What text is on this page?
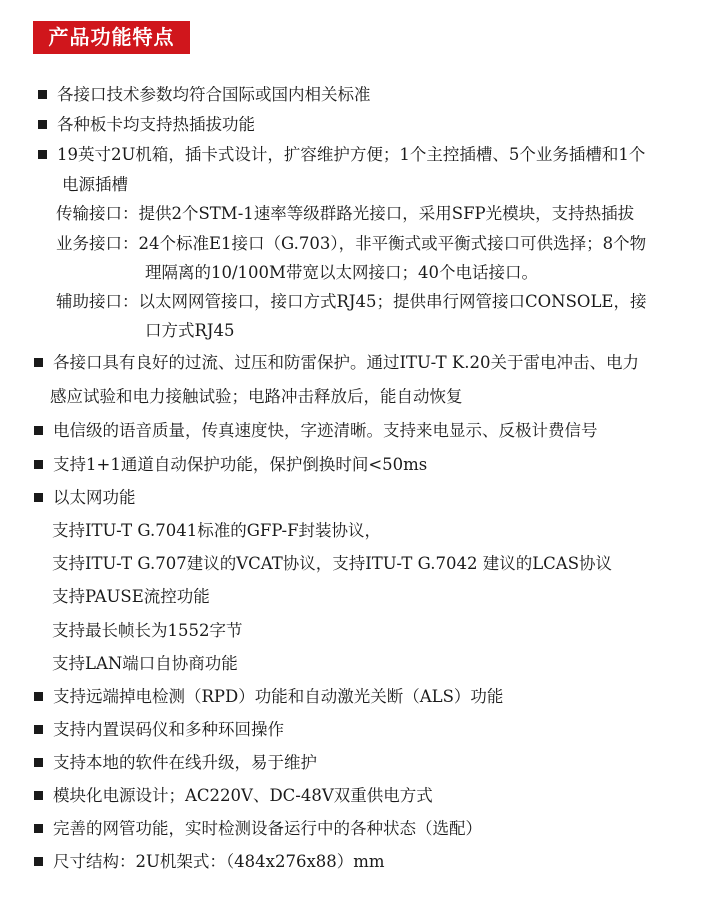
产品功能特点
各接口技术参数均符合国际或国内相关标准
各种板卡均支持热插拔功能
19英寸2U机箱，插卡式设计，扩容维护方便；1个主控插槽、5个业务插槽和1个
电源插槽
传输接口：提供2个STM-1速率等级群路光接口，采用SFP光模块，支持热插拔
业务接口：24个标准E1接口（G.703），非平衡式或平衡式接口可供选择；8个物
理隔离的10/100M带宽以太网接口；40个电话接口。
辅助接口：以太网网管接口，接口方式RJ45；提供串行网管接口CONSOLE，接
口方式RJ45
各接口具有良好的过流、过压和防雷保护。通过ITU-T K.20关于雷电冲击、电力
感应试验和电力接触试验；电路冲击释放后，能自动恢复
电信级的语音质量，传真速度快，字迹清晰。支持来电显示、反极计费信号
支持1+1通道自动保护功能，保护倒换时间<50ms
以太网功能
支持ITU-T G.7041标准的GFP-F封装协议，
支持ITU-T G.707建议的VCAT协议，支持ITU-T G.7042 建议的LCAS协议
支持PAUSE流控功能
支持最长帧长为1552字节
支持LAN端口自协商功能
支持远端掉电检测（RPD）功能和自动激光关断（ALS）功能
支持内置误码仪和多种环回操作
支持本地的软件在线升级，易于维护
模块化电源设计；AC220V、DC-48V双重供电方式
完善的网管功能，实时检测设备运行中的各种状态（选配）
尺寸结构：2U机架式：（484x276x88）mm
